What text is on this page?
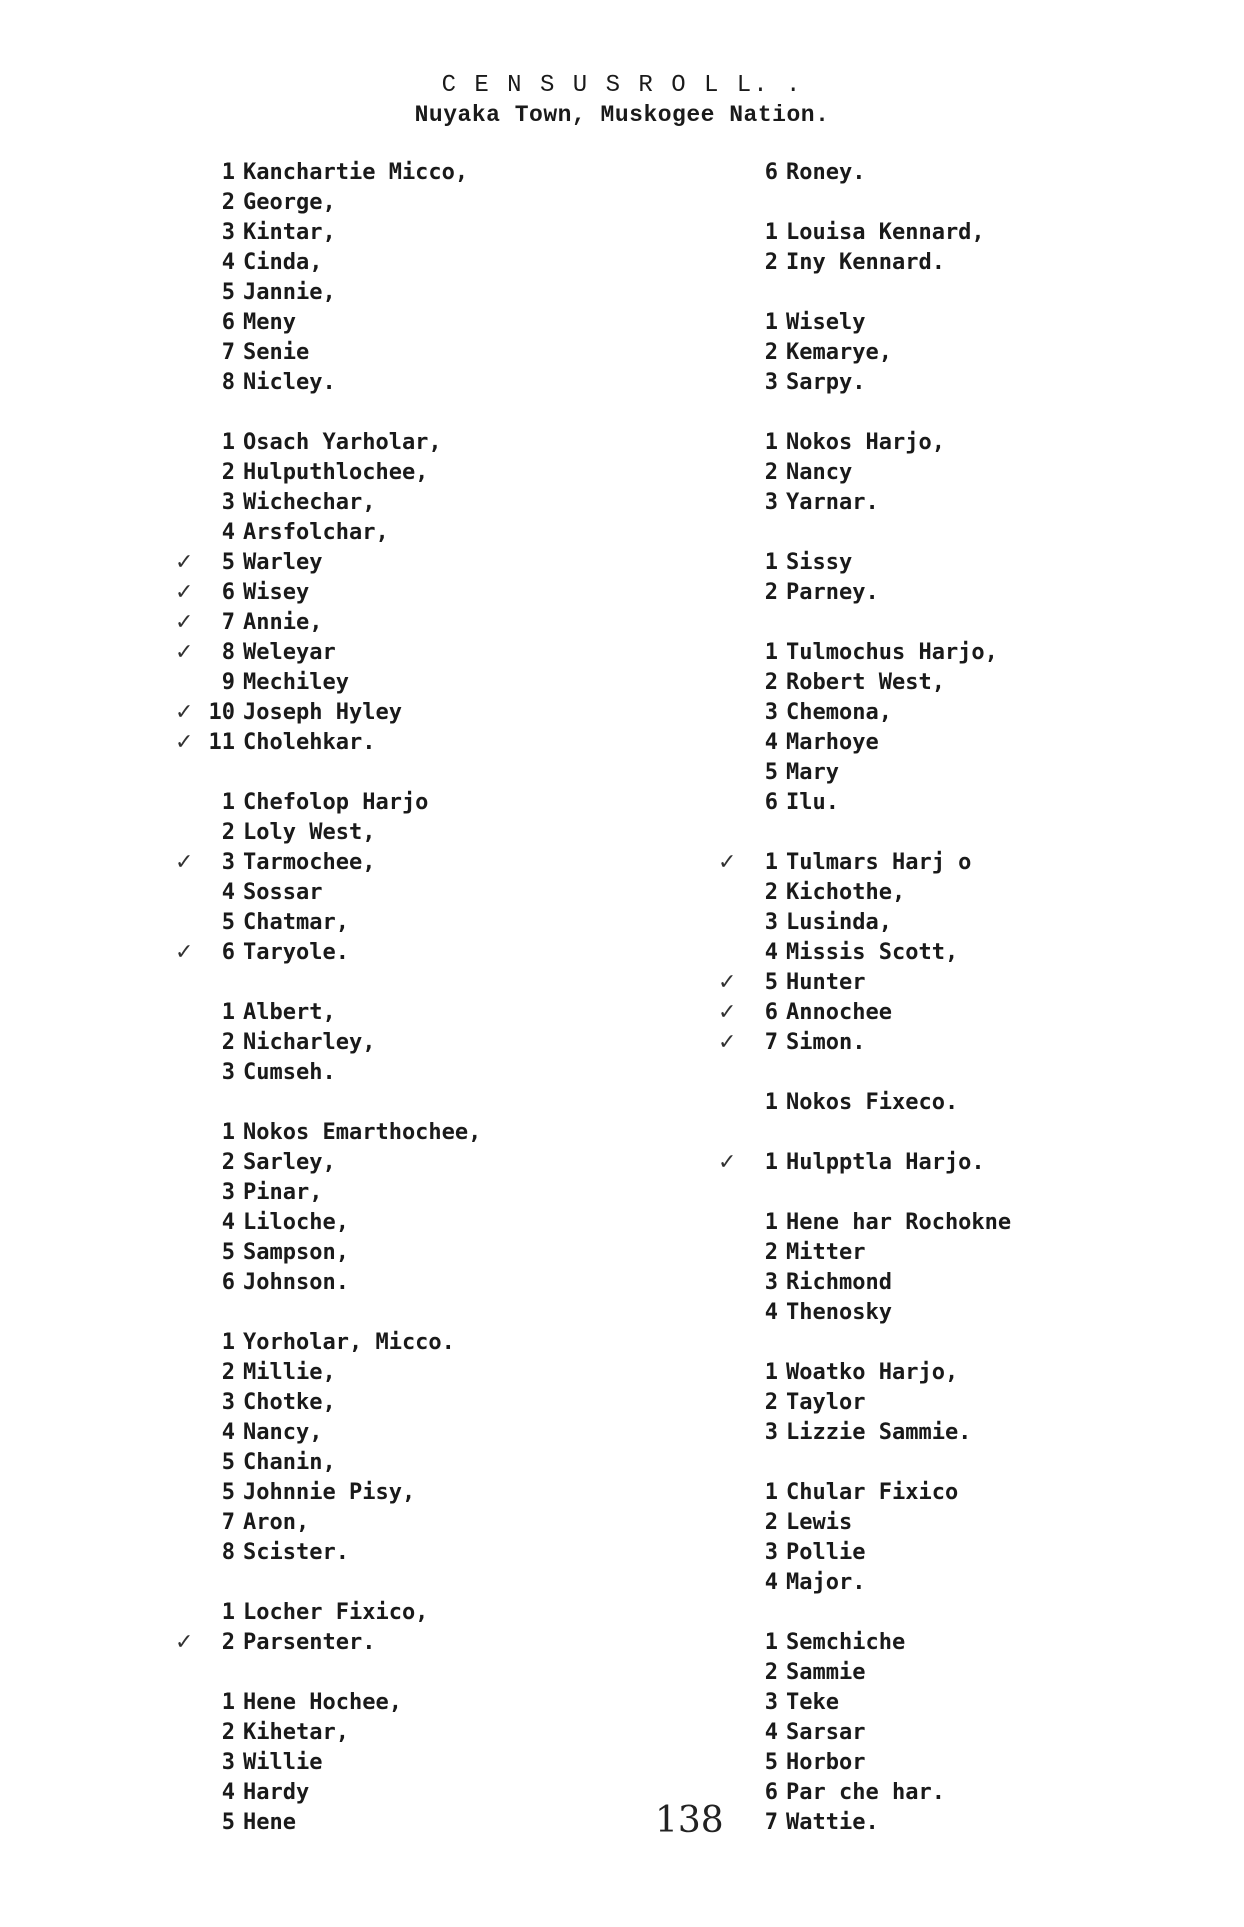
C E N S U S R O L L. .
Nuyaka Town, Muskogee Nation.
1 Kanchartie Micco,
2 George,
3 Kintar,
4 Cinda,
5 Jannie,
6 Meny
7 Senie
8 Nicley.
1 Osach Yarholar,
2 Hulputhlochee,
3 Wichechar,
4 Arsfolchar,
✓ 5 Warley
✓ 6 Wisey
✓ 7 Annie,
✓ 8 Weleyar
9 Mechiley
✓ 10 Joseph Hyley
✓ 11 Cholehkar.
1 Chefolop Harjo
2 Loly West,
✓ 3 Tarmochee,
4 Sossar
5 Chatmar,
✓ 6 Taryole.
1 Albert,
2 Nicharley,
3 Cumseh.
1 Nokos Emarthochee,
2 Sarley,
3 Pinar,
4 Liloche,
5 Sampson,
6 Johnson.
1 Yorholar, Micco.
2 Millie,
3 Chotke,
4 Nancy,
5 Chanin,
5 Johnnie Pisy,
7 Aron,
8 Scister.
1 Locher Fixico,
✓ 2 Parsenter.
1 Hene Hochee,
2 Kihetar,
3 Willie
4 Hardy
5 Hene
6 Roney.
1 Louisa Kennard,
2 Iny Kennard.
1 Wisely
2 Kemarye,
3 Sarpy.
1 Nokos Harjo,
2 Nancy
3 Yarnar.
1 Sissy
2 Parney.
1 Tulmochus Harjo,
2 Robert West,
3 Chemona,
4 Marhoye
5 Mary
6 Ilu.
✓ 1 Tulmars Harj o
2 Kichothe,
3 Lusinda,
4 Missis Scott,
✓ 5 Hunter
✓ 6 Annochee
✓ 7 Simon.
1 Nokos Fixeco.
✓ 1 Hulpptla Harjo.
1 Hene har Rochokne
2 Mitter
3 Richmond
4 Thenosky
1 Woatko Harjo,
2 Taylor
3 Lizzie Sammie.
1 Chular Fixico
2 Lewis
3 Pollie
4 Major.
1 Semchiche
2 Sammie
3 Teke
4 Sarsar
5 Horbor
6 Par che har.
7 Wattie.
138
